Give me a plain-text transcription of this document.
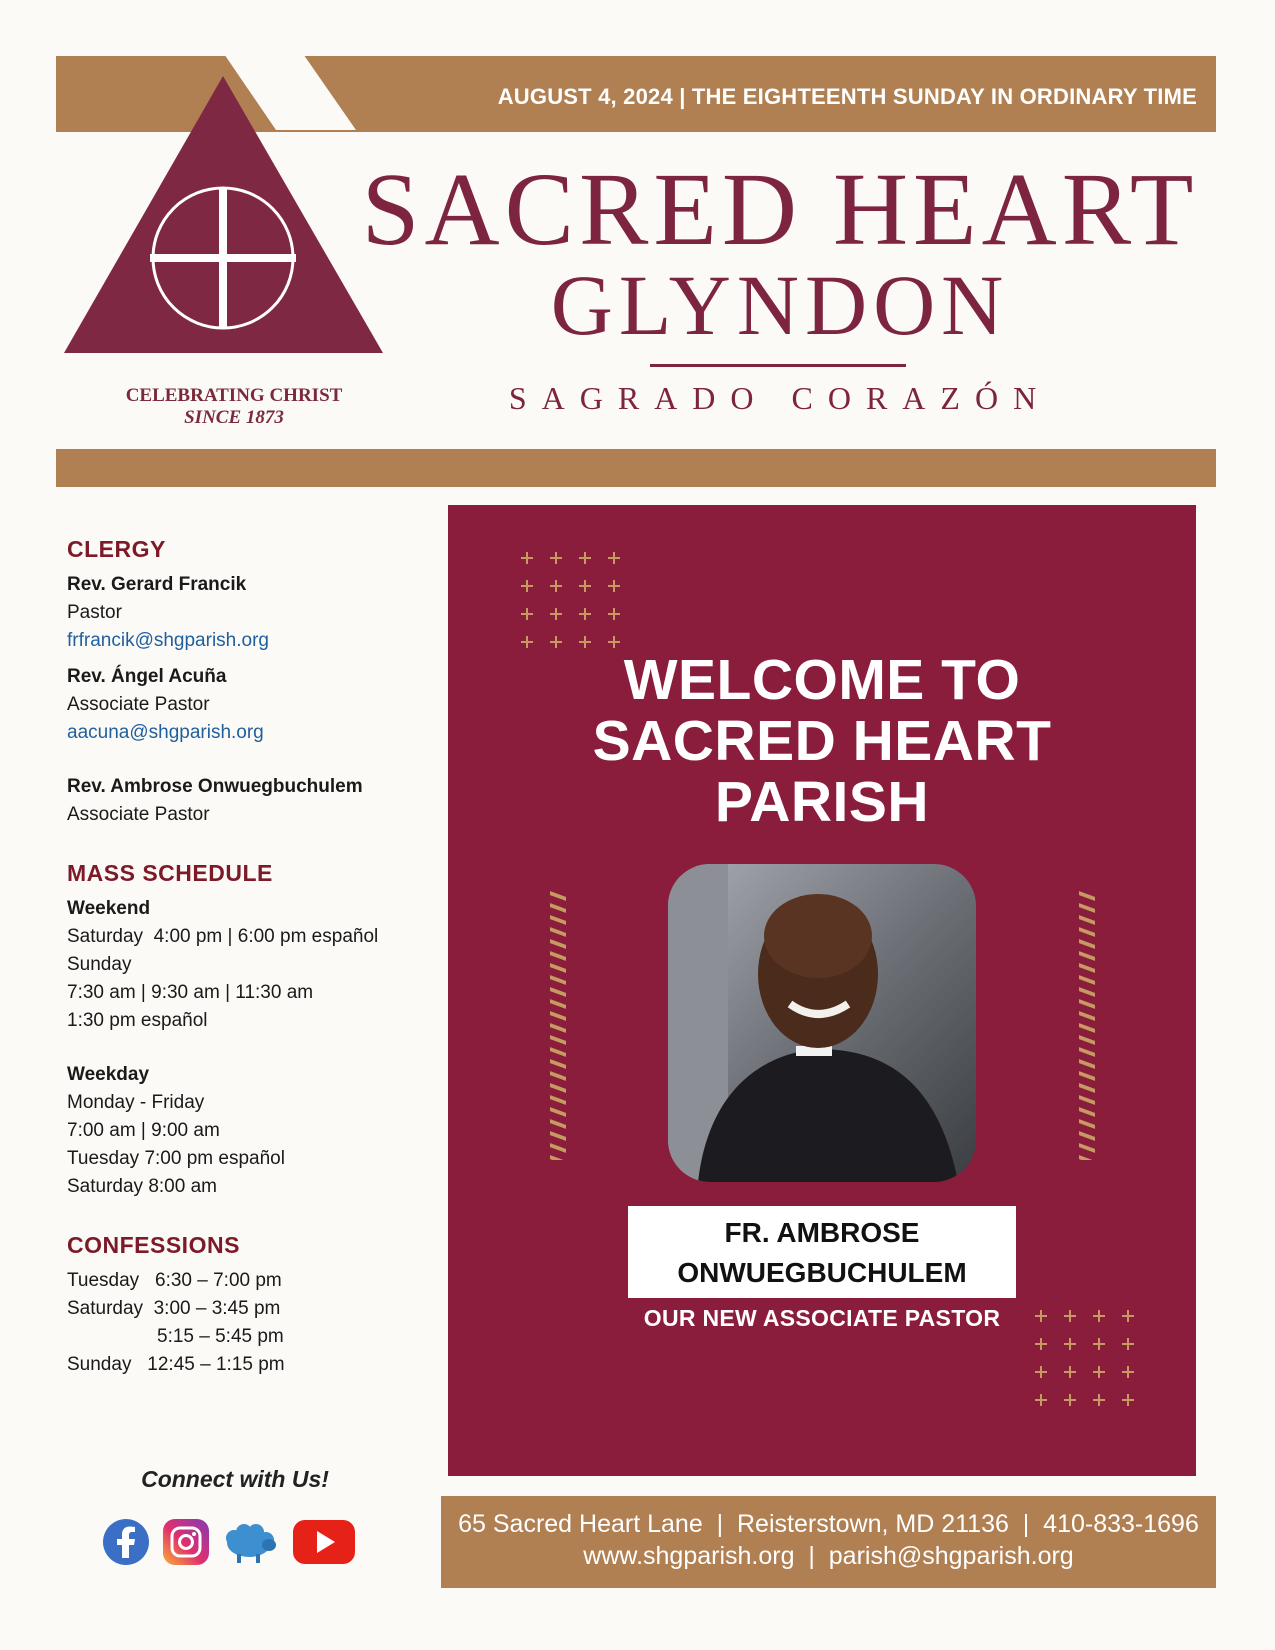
AUGUST 4, 2024 | THE EIGHTEENTH SUNDAY IN ORDINARY TIME
CELEBRATING CHRIST
SINCE 1873
SACRED HEART
GLYNDON
SAGRADO CORAZÓN
CLERGY
Rev. Gerard Francik
Pastor
frfrancik@shgparish.org
Rev. Ángel Acuña
Associate Pastor
aacuna@shgparish.org
Rev. Ambrose Onwuegbuchulem
Associate Pastor
MASS SCHEDULE
Weekend
Saturday  4:00 pm | 6:00 pm español
Sunday
7:30 am | 9:30 am | 11:30 am
1:30 pm español
Weekday
Monday - Friday
7:00 am | 9:00 am
Tuesday 7:00 pm español
Saturday 8:00 am
CONFESSIONS
Tuesday   6:30 – 7:00 pm
Saturday  3:00 – 3:45 pm
5:15 – 5:45 pm
Sunday   12:45 – 1:15 pm
Connect with Us!
WELCOME TO
SACRED HEART
PARISH
FR. AMBROSE
ONWUEGBUCHULEM
OUR NEW ASSOCIATE PASTOR
65 Sacred Heart Lane  |  Reisterstown, MD 21136  |  410-833-1696
www.shgparish.org  |  parish@shgparish.org
